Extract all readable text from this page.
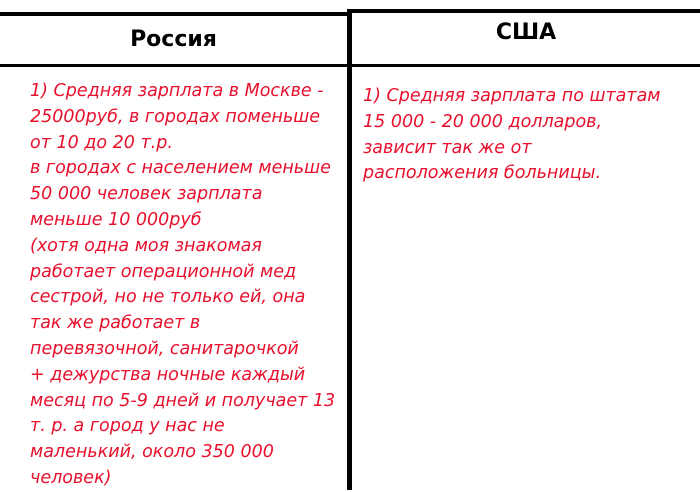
Россия	США

1) Средняя зарплата в Москве -
25000руб, в городах поменьше
от 10 до 20 т.р.
в городах с населением меньше
50 000 человек зарплата
меньше 10 000руб
(хотя одна моя знакомая
работает операционной мед
сестрой, но не только ей, она
так же работает в
перевязочной, санитарочкой
+ дежурства ночные каждый
месяц по 5-9 дней и получает 13
т. р. а город у нас не
маленький, около 350 000
человек)

1) Средняя зарплата по штатам
15 000 - 20 000 долларов,
зависит так же от
расположения больницы.
